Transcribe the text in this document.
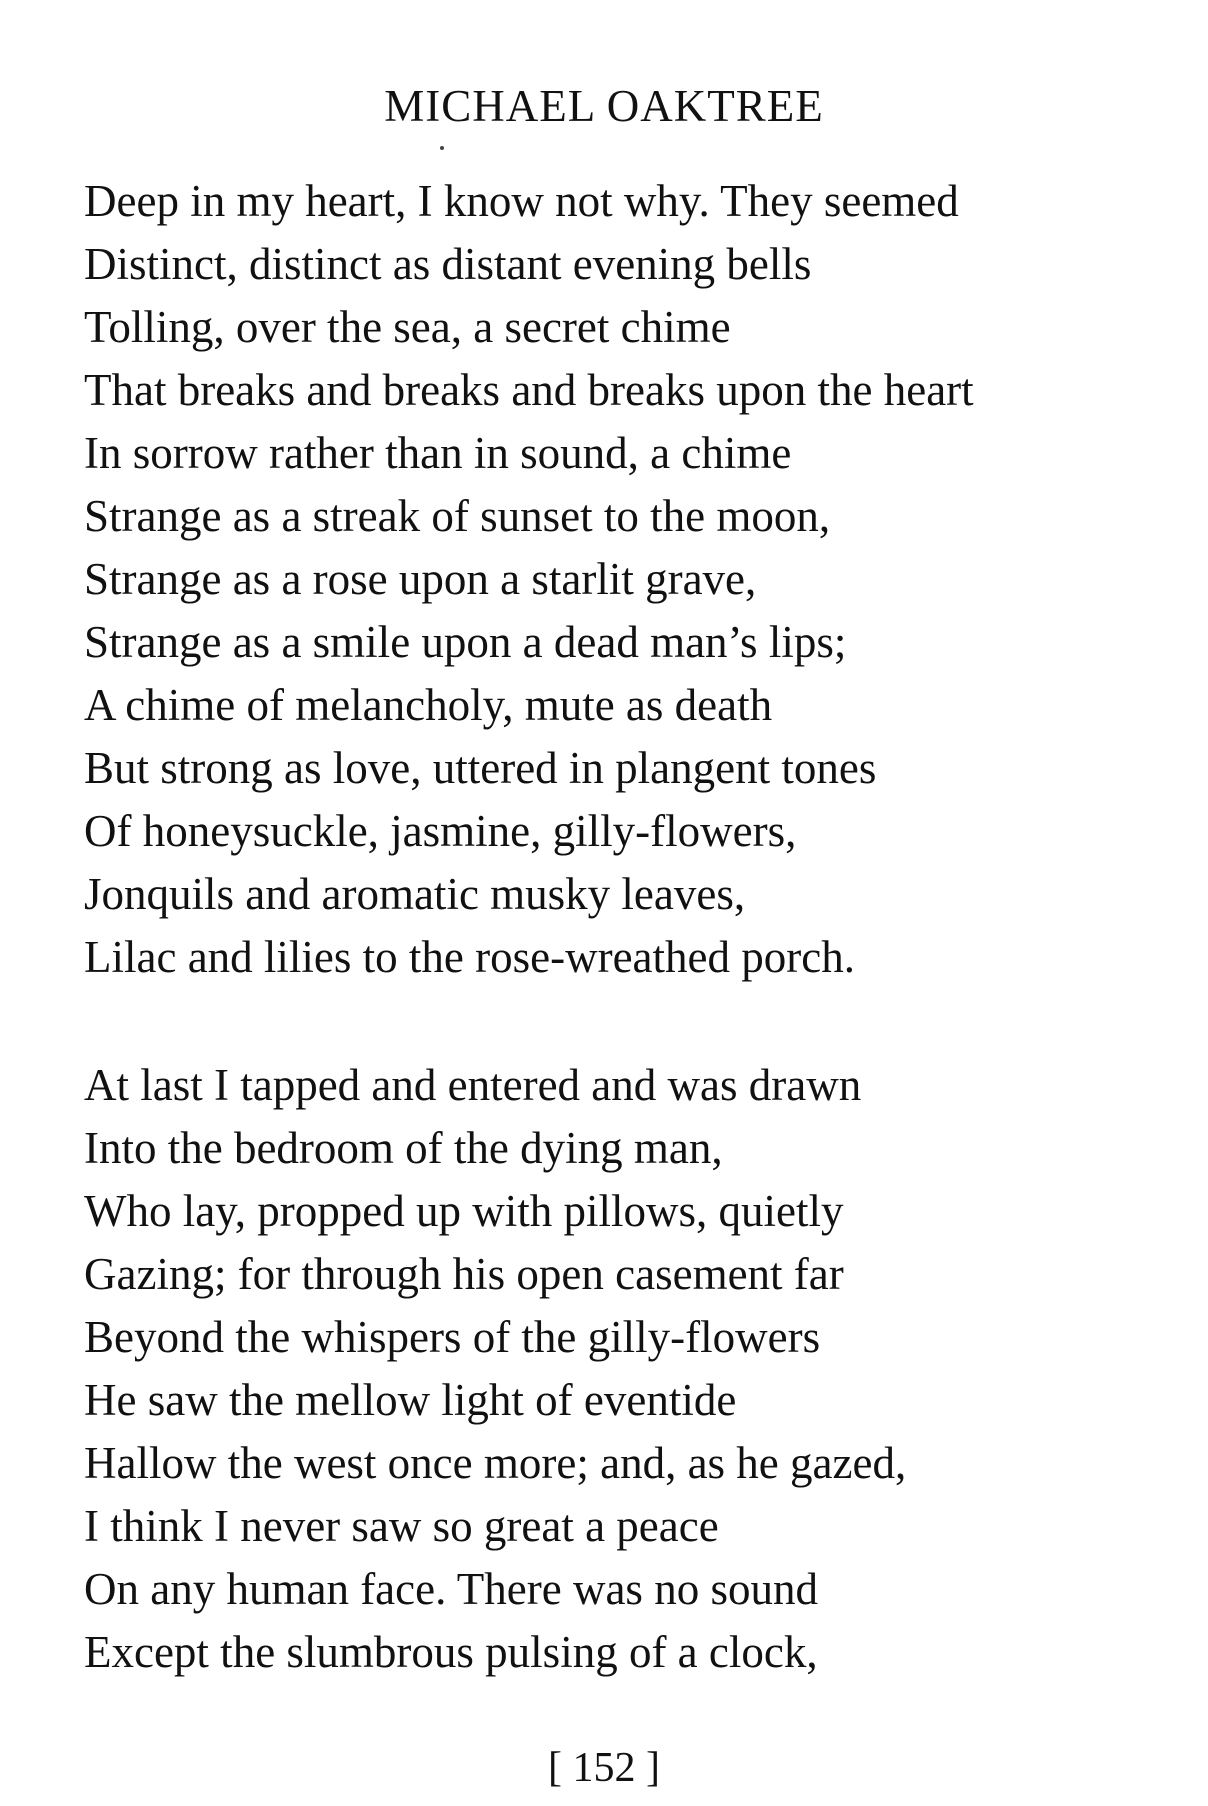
MICHAEL OAKTREE
Deep in my heart, I know not why. They seemed
Distinct, distinct as distant evening bells
Tolling, over the sea, a secret chime
That breaks and breaks and breaks upon the heart
In sorrow rather than in sound, a chime
Strange as a streak of sunset to the moon,
Strange as a rose upon a starlit grave,
Strange as a smile upon a dead man’s lips;
A chime of melancholy, mute as death
But strong as love, uttered in plangent tones
Of honeysuckle, jasmine, gilly-flowers,
Jonquils and aromatic musky leaves,
Lilac and lilies to the rose-wreathed porch.
At last I tapped and entered and was drawn
Into the bedroom of the dying man,
Who lay, propped up with pillows, quietly
Gazing; for through his open casement far
Beyond the whispers of the gilly-flowers
He saw the mellow light of eventide
Hallow the west once more; and, as he gazed,
I think I never saw so great a peace
On any human face. There was no sound
Except the slumbrous pulsing of a clock,
[ 152 ]
